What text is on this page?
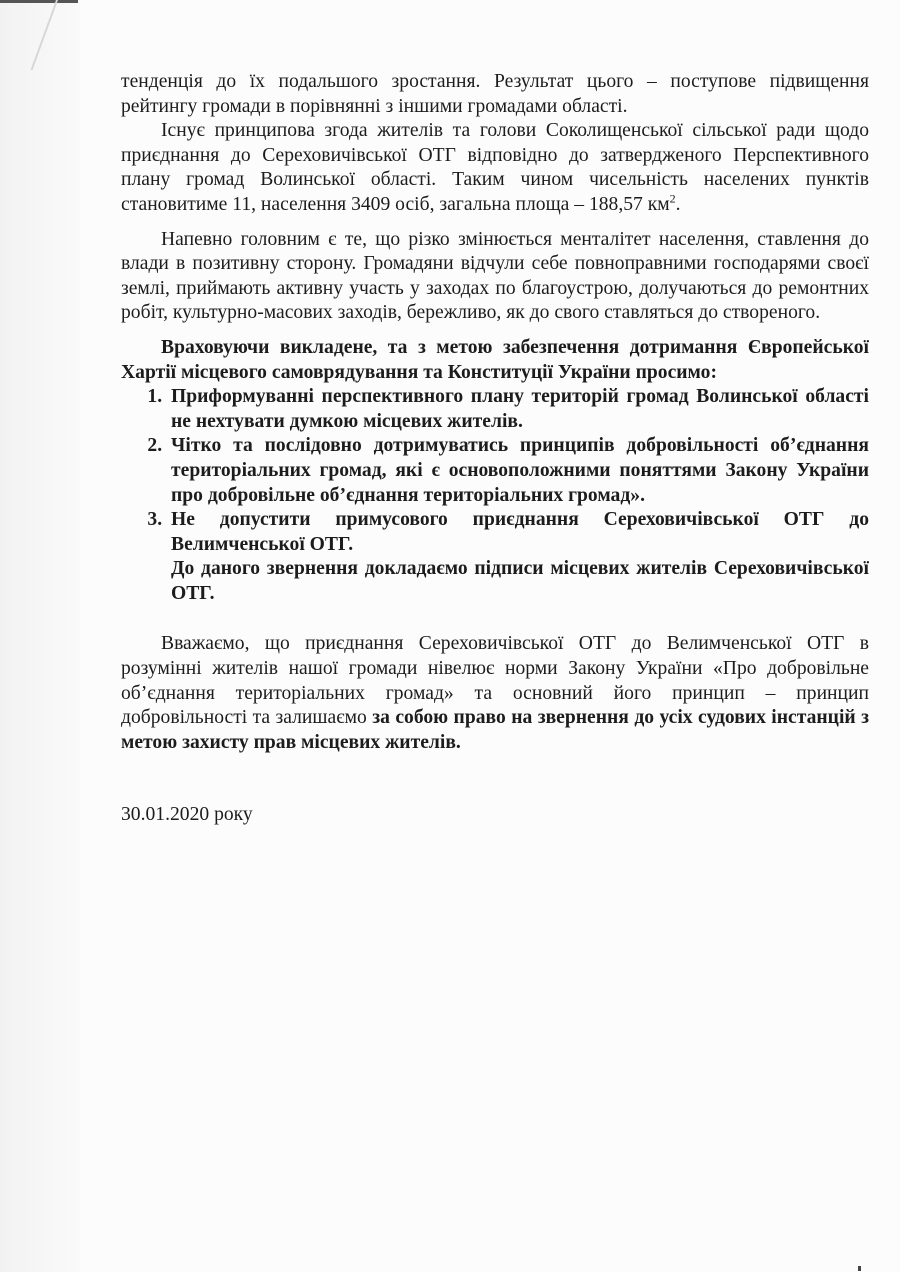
тенденція до їх подальшого зростання. Результат цього – поступове підвищення рейтингу громади в порівнянні з іншими громадами області.

Існує принципова згода жителів та голови Соколищенської сільської ради щодо приєднання до Сереховичівської ОТГ відповідно до затвердженого Перспективного плану громад Волинської області. Таким чином чисельність населених пунктів становитиме 11, населення 3409 осіб, загальна площа – 188,57 $км^2$.

Напевно головним є те, що різко змінюється менталітет населення, ставлення до влади в позитивну сторону. Громадяни відчули себе повноправними господарями своєї землі, приймають активну участь у заходах по благоустрою, долучаються до ремонтних робіт, культурно-масових заходів, бережливо, як до свого ставляться до створеного.

Враховуючи викладене, та з метою забезпечення дотримання Європейської Хартії місцевого самоврядування та Конституції України просимо:

1. Приформуванні перспективного плану територій громад Волинської області не нехтувати думкою місцевих жителів.
2. Чітко та послідовно дотримуватись принципів добровільності об’єднання територіальних громад, які є основоположними поняттями Закону України про добровільне об’єднання територіальних громад».
3. Не допустити примусового приєднання Сереховичівської ОТГ до Велимченської ОТГ.

До даного звернення докладаємо підписи місцевих жителів Сереховичівської ОТГ.

Вважаємо, що приєднання Сереховичівської ОТГ до Велимченської ОТГ в розумінні жителів нашої громади нівелює норми Закону України «Про добровільне об’єднання територіальних громад» та основний його принцип – принцип добровільності та залишаємо за собою право на звернення до усіх судових інстанцій з метою захисту прав місцевих жителів.

30.01.2020 року
